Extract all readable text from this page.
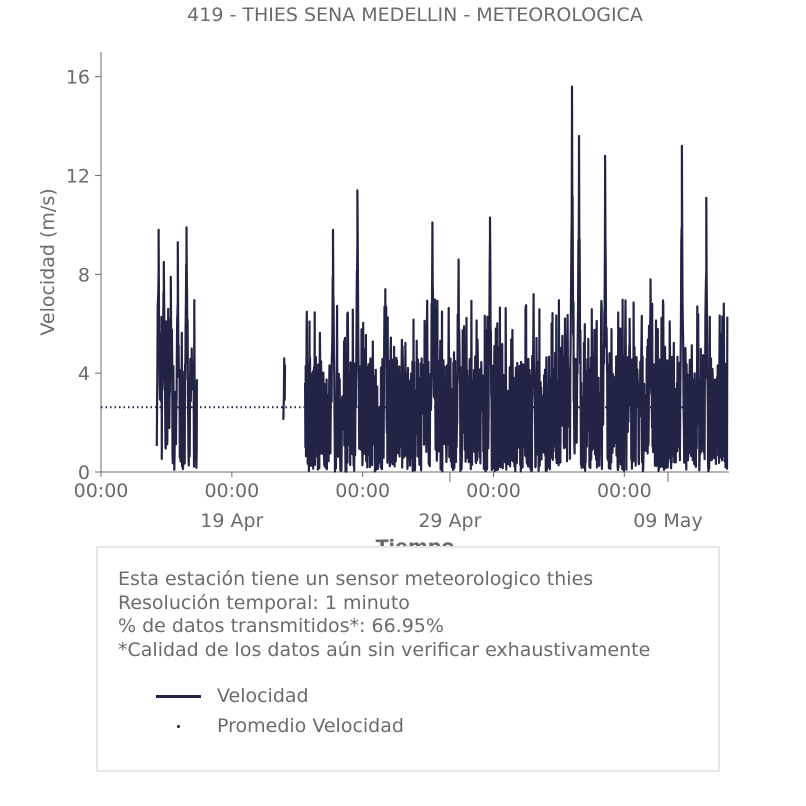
419 - THIES SENA MEDELLIN - METEOROLOGICA
0
4
8
12
16
00:00	00:00
19 Apr
00:00
29 Apr
00:00	00:00
09 May
Velocidad (m/s)
Esta estación tiene un sensor meteorologico thies
Resolución temporal: 1 minuto
% de datos transmitidos*: 66.95%
*Calidad de los datos aún sin verificar exhaustivamente
Velocidad
Promedio Velocidad
